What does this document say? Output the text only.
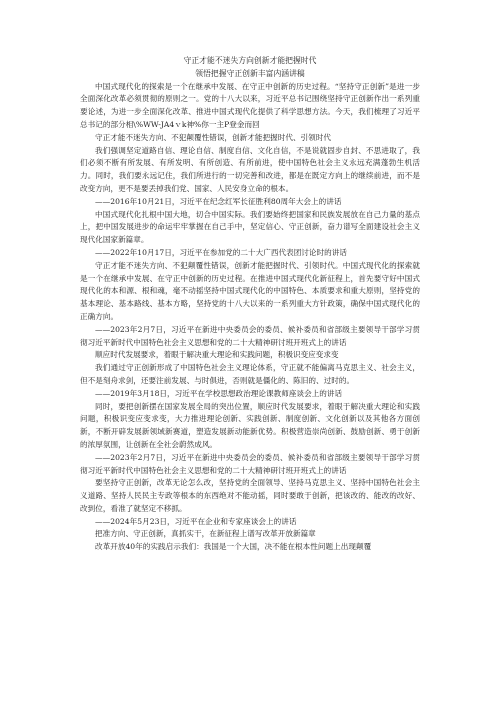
守正才能不迷失方向创新才能把握时代
领悟把握守正创新丰富内涵讲稿

中国式现代化的探索是一个在继承中发展、在守正中创新的历史过程。“坚持守正创新”是进一步全面深化改革必须贯彻的原则之一。党的十八大以来，习近平总书记围绕坚持守正创新作出一系列重要论述，为进一步全面深化改革、推进中国式现代化提供了科学思想方法。今天，我们梳理了习近平总书记的部分相\%WW-JA4ｖk神%你一主P登金而回

守正才能不迷失方向、不犯颠覆性错误，创新才能把握时代、引领时代

我们强调坚定道路自信、理论自信、制度自信、文化自信，不是说就固步自封、不思进取了，我们必须不断有所发展、有所发明、有所创造、有所前进，使中国特色社会主义永远充满蓬勃生机活力。同时，我们要永远记住，我们所进行的一切完善和改进，都是在既定方向上的继续前进，而不是改变方向，更不是要丢掉我们党、国家、人民安身立命的根本。

——2016年10月21日，习近平在纪念红军长征胜利80周年大会上的讲话

中国式现代化扎根中国大地，切合中国实际。我们要始终把国家和民族发展放在自己力量的基点上，把中国发展进步的命运牢牢掌握在自己手中，坚定信心、守正创新，奋力谱写全面建设社会主义现代化国家新篇章。

——2022年10月17日，习近平在参加党的二十大广西代表团讨论时的讲话

守正才能不迷失方向、不犯颠覆性错误，创新才能把握时代、引领时代。中国式现代化的探索就是一个在继承中发展、在守正中创新的历史过程。在推进中国式现代化新征程上，首先要守好中国式现代化的本和源、根和魂，毫不动摇坚持中国式现代化的中国特色、本质要求和重大原则，坚持党的基本理论、基本路线、基本方略，坚持党的十八大以来的一系列重大方针政策，确保中国式现代化的正确方向。

——2023年2月7日，习近平在新进中央委员会的委员、候补委员和省部级主要领导干部学习贯彻习近平新时代中国特色社会主义思想和党的二十大精神研讨班开班式上的讲话

顺应时代发展要求，着眼于解决重大理论和实践问题，积极识变应变求变

我们通过守正创新形成了中国特色社会主义理论体系，守正就不能偏离马克思主义、社会主义，但不是刻舟求剑，还要注前发展、与时俱进，否则就是僵化的、陈旧的、过时的。

——2019年3月18日，习近平在学校思想政治理论课教师座谈会上的讲话

同时，要把创新摆在国家发展全局的突出位置，顺应时代发展要求，着眼于解决重大理论和实践问题，积极识变应变求变，大力推进理论创新、实践创新、制度创新、文化创新以及其他各方面创新，不断开辟发展新领域新赛道，塑造发展新动能新优势。积极营造崇尚创新、鼓励创新、勇于创新的浓厚氛围，让创新在全社会蔚然成风。

——2023年2月7日，习近平在新进中央委员会的委员、候补委员和省部级主要领导干部学习贯彻习近平新时代中国特色社会主义思想和党的二十大精神研讨班开班式上的讲话

要坚持守正创新，改革无论怎么改，坚持党的全面领导、坚持马克思主义、坚持中国特色社会主义道路、坚持人民民主专政等根本的东西绝对不能动摇，同时要敢于创新，把该改的、能改的改好、改到位，看准了就坚定不移抓。

——2024年5月23日，习近平在企业和专家座谈会上的讲话

把准方向、守正创新，真抓实干，在新征程上谱写改革开放新篇章

改革开放40年的实践启示我们：我国是一个大国，决不能在根本性问题上出现颠覆
